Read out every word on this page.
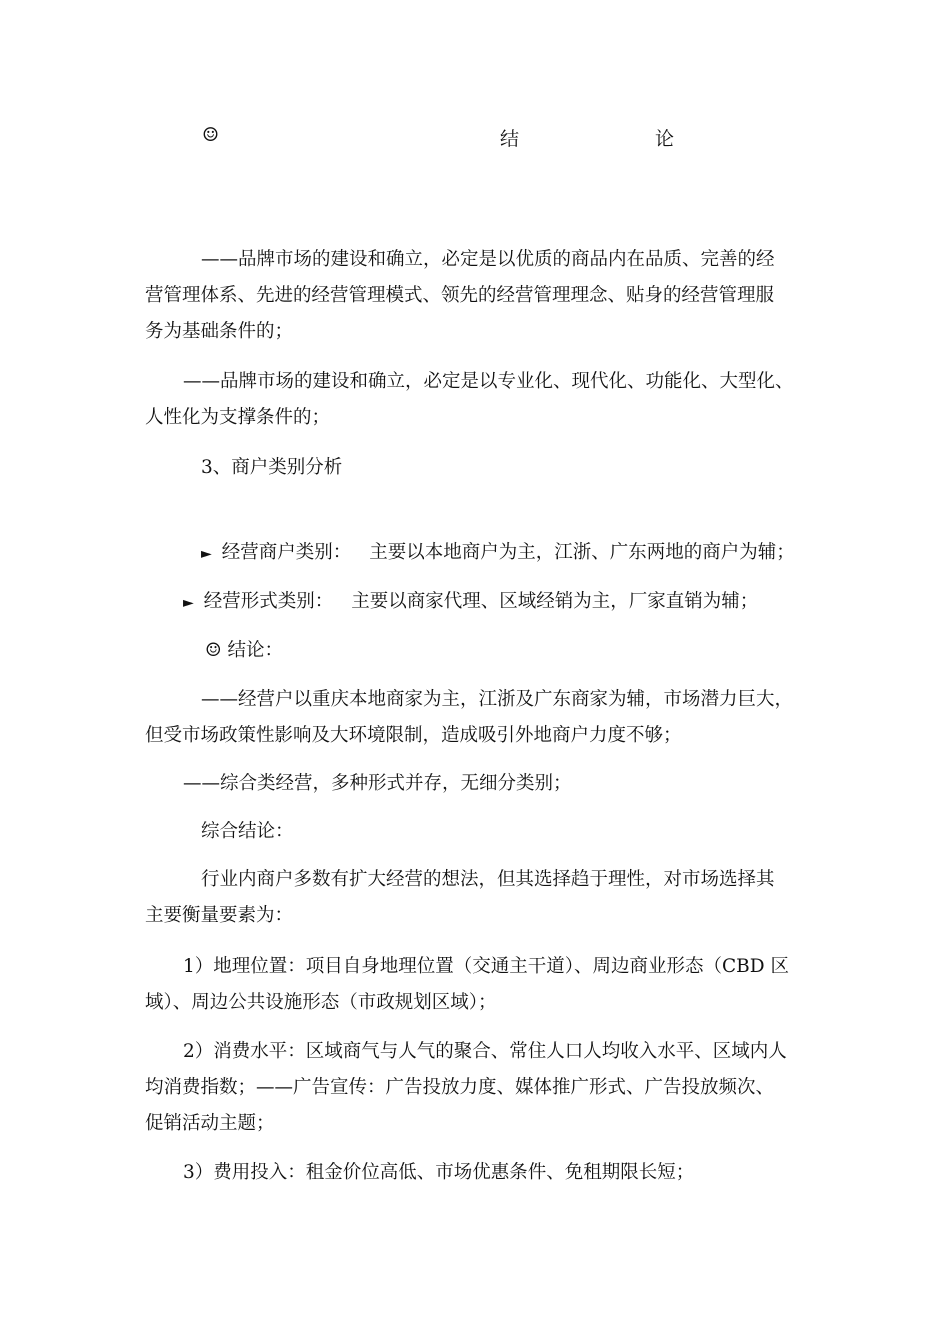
☺	结	论
——品牌市场的建设和确立，必定是以优质的商品内在品质、完善的经
营管理体系、先进的经营管理模式、领先的经营管理理念、贴身的经营管理服
务为基础条件的；
——品牌市场的建设和确立，必定是以专业化、现代化、功能化、大型化、
人性化为支撑条件的；
3、商户类别分析
► 经营商户类别： 主要以本地商户为主，江浙、广东两地的商户为辅；
► 经营形式类别： 主要以商家代理、区域经销为主，厂家直销为辅；
☺ 结论：
——经营户以重庆本地商家为主，江浙及广东商家为辅，市场潜力巨大，
但受市场政策性影响及大环境限制，造成吸引外地商户力度不够；
——综合类经营，多种形式并存，无细分类别；
综合结论：
行业内商户多数有扩大经营的想法，但其选择趋于理性，对市场选择其
主要衡量要素为：
1）地理位置：项目自身地理位置（交通主干道）、周边商业形态（CBD 区
域）、周边公共设施形态（市政规划区域）；
2）消费水平：区域商气与人气的聚合、常住人口人均收入水平、区域内人
均消费指数；——广告宣传：广告投放力度、媒体推广形式、广告投放频次、
促销活动主题；
3）费用投入：租金价位高低、市场优惠条件、免租期限长短；
